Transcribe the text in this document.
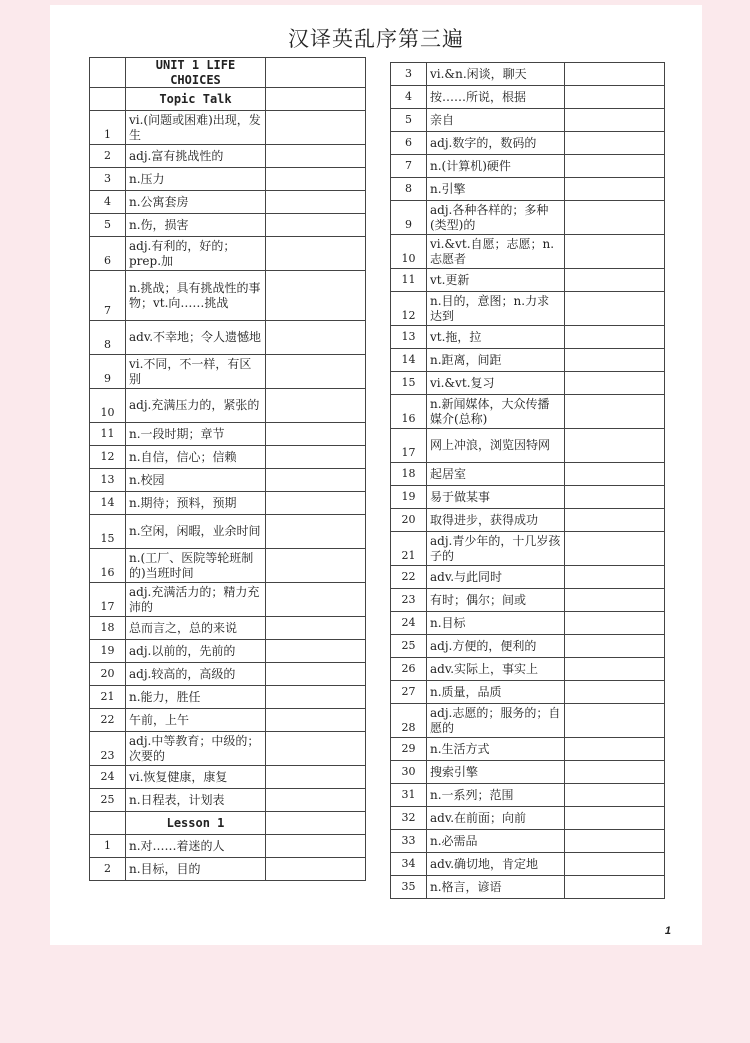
汉译英乱序第三遍
	UNIT 1 LIFE CHOICES	
	Topic Talk	
1	vi.(问题或困难)出现，发生	
2	adj.富有挑战性的	
3	n.压力	
4	n.公寓套房	
5	n.伤，损害	
6	adj.有利的，好的；prep.加	
7	n.挑战；具有挑战性的事物；vt.向……挑战	
8	adv.不幸地；令人遗憾地	
9	vi.不同，不一样，有区别	
10	adj.充满压力的，紧张的	
11	n.一段时期；章节	
12	n.自信，信心；信赖	
13	n.校园	
14	n.期待；预料，预期	
15	n.空闲，闲暇，业余时间	
16	n.(工厂、医院等轮班制的)当班时间	
17	adj.充满活力的；精力充沛的	
18	总而言之，总的来说	
19	adj.以前的，先前的	
20	adj.较高的，高级的	
21	n.能力，胜任	
22	午前，上午	
23	adj.中等教育；中级的；次要的	
24	vi.恢复健康，康复	
25	n.日程表，计划表	
	Lesson 1	
1	n.对……着迷的人	
2	n.目标，目的	
3	vi.&n.闲谈，聊天	
4	按……所说，根据	
5	亲自	
6	adj.数字的，数码的	
7	n.(计算机)硬件	
8	n.引擎	
9	adj.各种各样的；多种(类型)的	
10	vi.&vt.自愿；志愿；n.志愿者	
11	vt.更新	
12	n.目的，意图；n.力求达到	
13	vt.拖，拉	
14	n.距离，间距	
15	vi.&vt.复习	
16	n.新闻媒体，大众传播媒介(总称)	
17	网上冲浪，浏览因特网	
18	起居室	
19	易于做某事	
20	取得进步，获得成功	
21	adj.青少年的，十几岁孩子的	
22	adv.与此同时	
23	有时；偶尔；间或	
24	n.目标	
25	adj.方便的，便利的	
26	adv.实际上，事实上	
27	n.质量，品质	
28	adj.志愿的；服务的；自愿的	
29	n.生活方式	
30	搜索引擎	
31	n.一系列；范围	
32	adv.在前面；向前	
33	n.必需品	
34	adv.确切地，肯定地	
35	n.格言，谚语	
1
